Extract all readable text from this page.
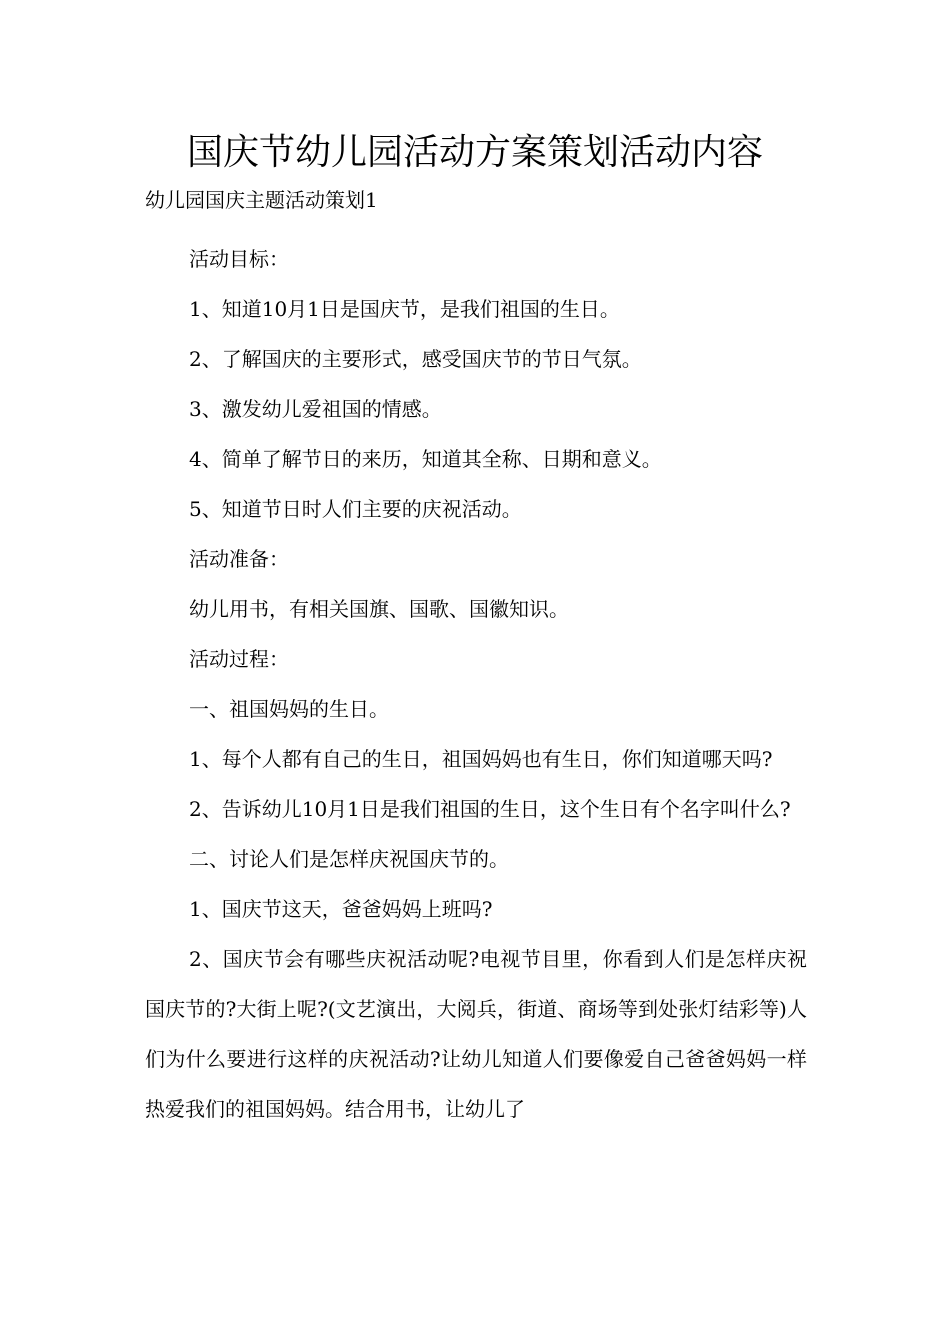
国庆节幼儿园活动方案策划活动内容
幼儿园国庆主题活动策划1

活动目标：

1、知道10月1日是国庆节，是我们祖国的生日。

2、了解国庆的主要形式，感受国庆节的节日气氛。

3、激发幼儿爱祖国的情感。

4、简单了解节日的来历，知道其全称、日期和意义。

5、知道节日时人们主要的庆祝活动。

活动准备：

幼儿用书，有相关国旗、国歌、国徽知识。

活动过程：

一、祖国妈妈的生日。

1、每个人都有自己的生日，祖国妈妈也有生日，你们知道哪天吗?

2、告诉幼儿10月1日是我们祖国的生日，这个生日有个名字叫什么?

二、讨论人们是怎样庆祝国庆节的。

1、国庆节这天，爸爸妈妈上班吗?

2、国庆节会有哪些庆祝活动呢?电视节目里，你看到人们是怎样庆祝国庆节的?大街上呢?(文艺演出，大阅兵，街道、商场等到处张灯结彩等)人们为什么要进行这样的庆祝活动?让幼儿知道人们要像爱自己爸爸妈妈一样热爱我们的祖国妈妈。结合用书，让幼儿了
